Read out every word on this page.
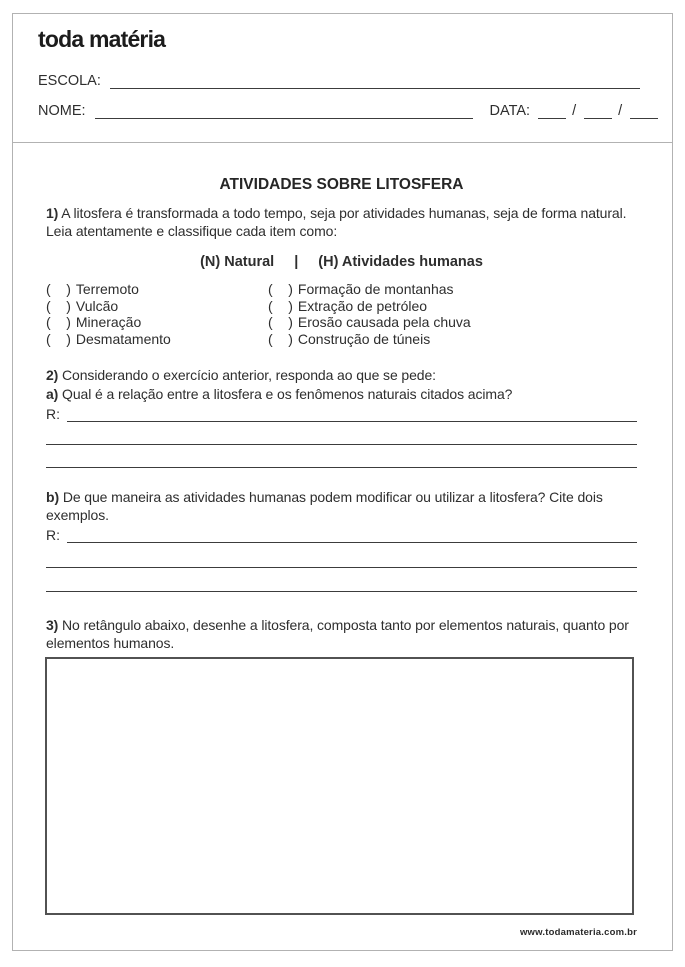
toda matéria
ESCOLA:
NOME:	DATA:	/	/
ATIVIDADES SOBRE LITOSFERA

1) A litosfera é transformada a todo tempo, seja por atividades humanas, seja de forma natural. Leia atentamente e classifique cada item como:

(N) Natural | (H) Atividades humanas
(    ) Terremoto
(    ) Vulcão
(    ) Mineração
(    ) Desmatamento
(    ) Formação de montanhas
(    ) Extração de petróleo
(    ) Erosão causada pela chuva
(    ) Construção de túneis

2) Considerando o exercício anterior, responda ao que se pede:

a) Qual é a relação entre a litosfera e os fenômenos naturais citados acima?

R:

b) De que maneira as atividades humanas podem modificar ou utilizar a litosfera? Cite dois exemplos.

R:

3) No retângulo abaixo, desenhe a litosfera, composta tanto por elementos naturais, quanto por elementos humanos.

www.todamateria.com.br
